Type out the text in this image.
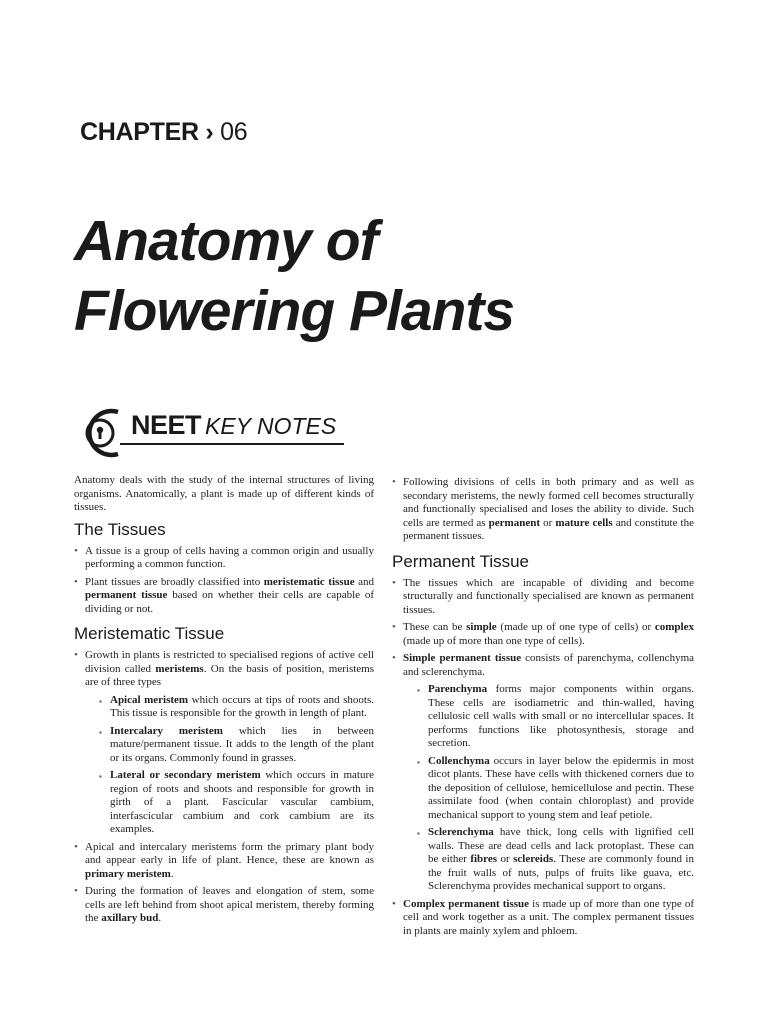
CHAPTER › 06
Anatomy of
Flowering Plants
NEET KEY NOTES

Anatomy deals with the study of the internal structures of living organisms. Anatomically, a plant is made up of different kinds of tissues.

The Tissues
• A tissue is a group of cells having a common origin and usually performing a common function.
• Plant tissues are broadly classified into meristematic tissue and permanent tissue based on whether their cells are capable of dividing or not.
Meristematic Tissue
• Growth in plants is restricted to specialised regions of active cell division called meristems. On the basis of position, meristems are of three types
▪ Apical meristem which occurs at tips of roots and shoots. This tissue is responsible for the growth in length of plant.
▪ Intercalary meristem which lies in between mature/permanent tissue. It adds to the length of the plant or its organs. Commonly found in grasses.
▪ Lateral or secondary meristem which occurs in mature region of roots and shoots and responsible for growth in girth of a plant. Fascicular vascular cambium, interfascicular cambium and cork cambium are its examples.
• Apical and intercalary meristems form the primary plant body and appear early in life of plant. Hence, these are known as primary meristem.
• During the formation of leaves and elongation of stem, some cells are left behind from shoot apical meristem, thereby forming the axillary bud.
• Following divisions of cells in both primary and as well as secondary meristems, the newly formed cell becomes structurally and functionally specialised and loses the ability to divide. Such cells are termed as permanent or mature cells and constitute the permanent tissues.
Permanent Tissue
• The tissues which are incapable of dividing and become structurally and functionally specialised are known as permanent tissues.
• These can be simple (made up of one type of cells) or complex (made up of more than one type of cells).
• Simple permanent tissue consists of parenchyma, collenchyma and sclerenchyma.
▪ Parenchyma forms major components within organs. These cells are isodiametric and thin-walled, having cellulosic cell walls with small or no intercellular spaces. It performs functions like photosynthesis, storage and secretion.
▪ Collenchyma occurs in layer below the epidermis in most dicot plants. These have cells with thickened corners due to the deposition of cellulose, hemicellulose and pectin. These assimilate food (when contain chloroplast) and provide mechanical support to young stem and leaf petiole.
▪ Sclerenchyma have thick, long cells with lignified cell walls. These are dead cells and lack protoplast. These can be either fibres or sclereids. These are commonly found in the fruit walls of nuts, pulps of fruits like guava, etc. Sclerenchyma provides mechanical support to organs.
• Complex permanent tissue is made up of more than one type of cell and work together as a unit. The complex permanent tissues in plants are mainly xylem and phloem.
